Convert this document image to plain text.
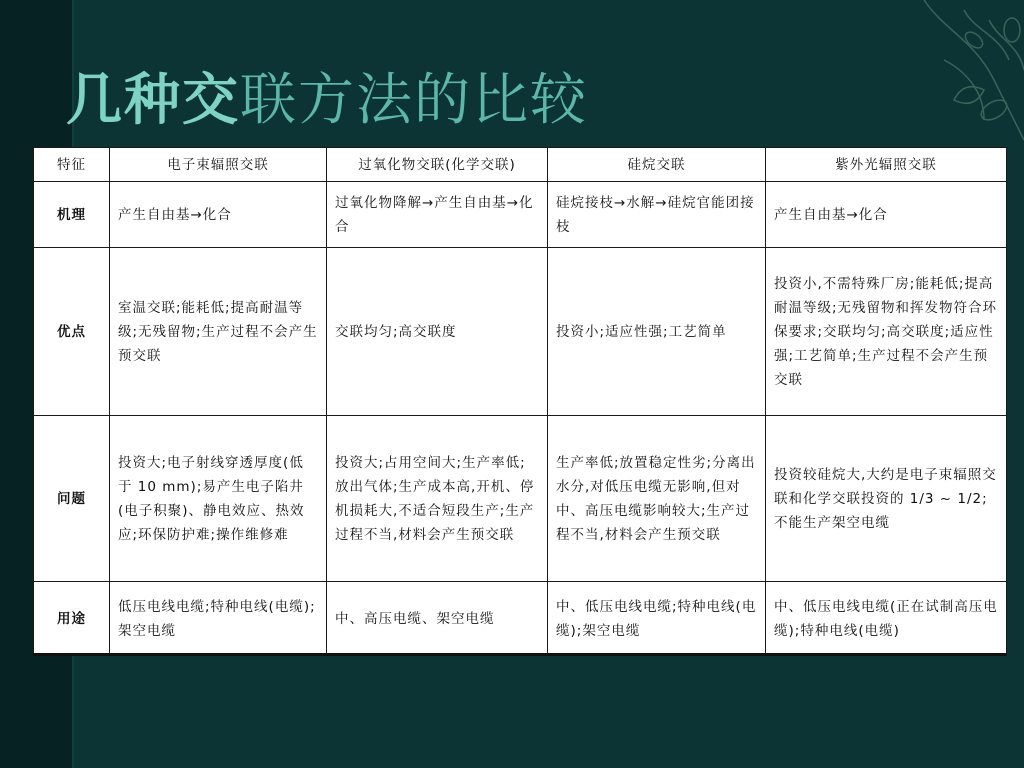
几种交联方法的比较
特征	电子束辐照交联	过氧化物交联(化学交联)	硅烷交联	紫外光辐照交联
机理	产生自由基→化合	过氧化物降解→产生自由基→化合	硅烷接枝→水解→硅烷官能团接枝	产生自由基→化合
优点	室温交联;能耗低;提高耐温等级;无残留物;生产过程不会产生预交联	交联均匀;高交联度	投资小;适应性强;工艺简单	投资小,不需特殊厂房;能耗低;提高耐温等级;无残留物和挥发物符合环保要求;交联均匀;高交联度;适应性强;工艺简单;生产过程不会产生预交联
问题	投资大;电子射线穿透厚度(低于 10 mm);易产生电子陷井(电子积聚)、静电效应、热效应;环保防护难;操作维修难	投资大;占用空间大;生产率低;放出气体;生产成本高,开机、停机损耗大,不适合短段生产;生产过程不当,材料会产生预交联	生产率低;放置稳定性劣;分离出水分,对低压电缆无影响,但对中、高压电缆影响较大;生产过程不当,材料会产生预交联	投资较硅烷大,大约是电子束辐照交联和化学交联投资的 1/3 ~ 1/2;不能生产架空电缆
用途	低压电线电缆;特种电线(电缆);架空电缆	中、高压电缆、架空电缆	中、低压电线电缆;特种电线(电缆);架空电缆	中、低压电线电缆(正在试制高压电缆);特种电线(电缆)
